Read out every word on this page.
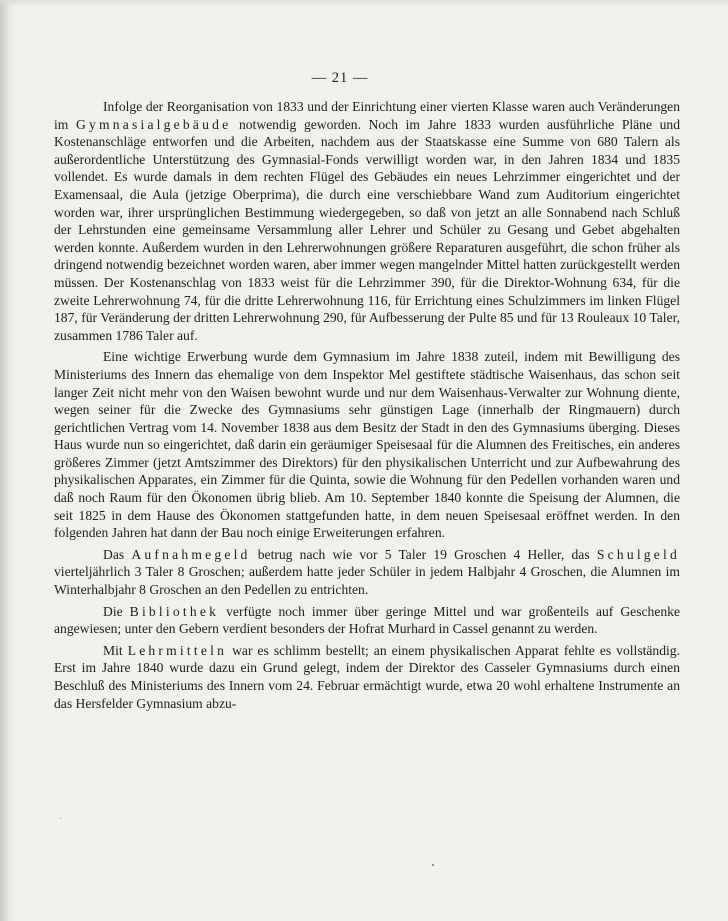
— 21 —

Infolge der Reorganisation von 1833 und der Einrichtung einer vierten Klasse waren auch Veränderungen im Gymnasialgebäude notwendig geworden. Noch im Jahre 1833 wurden ausführliche Pläne und Kostenanschläge entworfen und die Arbeiten, nachdem aus der Staatskasse eine Summe von 680 Talern als außerordentliche Unterstützung des Gymnasial-Fonds verwilligt worden war, in den Jahren 1834 und 1835 vollendet. Es wurde damals in dem rechten Flügel des Gebäudes ein neues Lehrzimmer eingerichtet und der Examensaal, die Aula (jetzige Oberprima), die durch eine verschiebbare Wand zum Auditorium eingerichtet worden war, ihrer ursprünglichen Bestimmung wiedergegeben, so daß von jetzt an alle Sonnabend nach Schluß der Lehrstunden eine gemeinsame Versammlung aller Lehrer und Schüler zu Gesang und Gebet abgehalten werden konnte. Außerdem wurden in den Lehrerwohnungen größere Reparaturen ausgeführt, die schon früher als dringend notwendig bezeichnet worden waren, aber immer wegen mangelnder Mittel hatten zurückgestellt werden müssen. Der Kostenanschlag von 1833 weist für die Lehrzimmer 390, für die Direktor-Wohnung 634, für die zweite Lehrerwohnung 74, für die dritte Lehrerwohnung 116, für Errichtung eines Schulzimmers im linken Flügel 187, für Veränderung der dritten Lehrerwohnung 290, für Aufbesserung der Pulte 85 und für 13 Rouleaux 10 Taler, zusammen 1786 Taler auf.

Eine wichtige Erwerbung wurde dem Gymnasium im Jahre 1838 zuteil, indem mit Bewilligung des Ministeriums des Innern das ehemalige von dem Inspektor Mel gestiftete städtische Waisenhaus, das schon seit langer Zeit nicht mehr von den Waisen bewohnt wurde und nur dem Waisenhaus-Verwalter zur Wohnung diente, wegen seiner für die Zwecke des Gymnasiums sehr günstigen Lage (innerhalb der Ringmauern) durch gerichtlichen Vertrag vom 14. November 1838 aus dem Besitz der Stadt in den des Gymnasiums überging. Dieses Haus wurde nun so eingerichtet, daß darin ein geräumiger Speisesaal für die Alumnen des Freitisches, ein anderes größeres Zimmer (jetzt Amtszimmer des Direktors) für den physikalischen Unterricht und zur Aufbewahrung des physikalischen Apparates, ein Zimmer für die Quinta, sowie die Wohnung für den Pedellen vorhanden waren und daß noch Raum für den Ökonomen übrig blieb. Am 10. September 1840 konnte die Speisung der Alumnen, die seit 1825 in dem Hause des Ökonomen stattgefunden hatte, in dem neuen Speisesaal eröffnet werden. In den folgenden Jahren hat dann der Bau noch einige Erweiterungen erfahren.

Das Aufnahmegeld betrug nach wie vor 5 Taler 19 Groschen 4 Heller, das Schulgeld vierteljährlich 3 Taler 8 Groschen; außerdem hatte jeder Schüler in jedem Halbjahr 4 Groschen, die Alumnen im Winterhalbjahr 8 Groschen an den Pedellen zu entrichten.

Die Bibliothek verfügte noch immer über geringe Mittel und war großenteils auf Geschenke angewiesen; unter den Gebern verdient besonders der Hofrat Murhard in Cassel genannt zu werden.

Mit Lehrmitteln war es schlimm bestellt; an einem physikalischen Apparat fehlte es vollständig. Erst im Jahre 1840 wurde dazu ein Grund gelegt, indem der Direktor des Casseler Gymnasiums durch einen Beschluß des Ministeriums des Innern vom 24. Februar ermächtigt wurde, etwa 20 wohl erhaltene Instrumente an das Hersfelder Gymnasium abzu-
